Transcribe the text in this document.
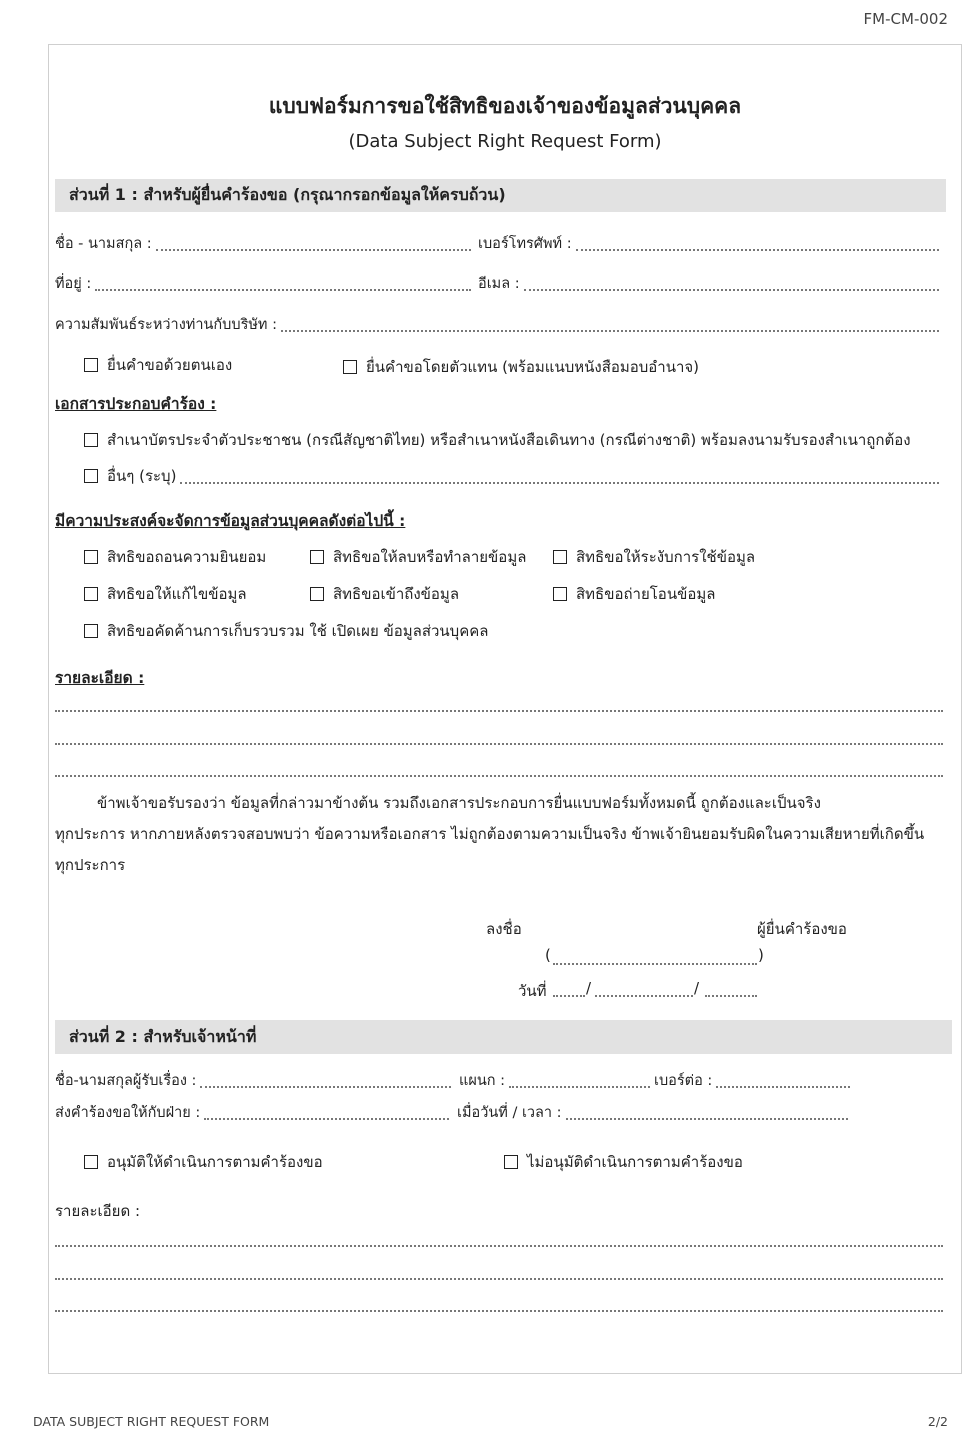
FM-CM-002
แบบฟอร์มการขอใช้สิทธิของเจ้าของข้อมูลส่วนบุคคล
(Data Subject Right Request Form)
ส่วนที่ 1 : สำหรับผู้ยื่นคำร้องขอ (กรุณากรอกข้อมูลให้ครบถ้วน)
ชื่อ - นามสกุล :	เบอร์โทรศัพท์ :
ที่อยู่ :	อีเมล :
ความสัมพันธ์ระหว่างท่านกับบริษัท :
ยื่นคำขอด้วยตนเอง	ยื่นคำขอโดยตัวแทน (พร้อมแนบหนังสือมอบอำนาจ)
เอกสารประกอบคำร้อง :
สำเนาบัตรประจำตัวประชาชน (กรณีสัญชาติไทย) หรือสำเนาหนังสือเดินทาง (กรณีต่างชาติ) พร้อมลงนามรับรองสำเนาถูกต้อง
อื่นๆ (ระบุ)
มีความประสงค์จะจัดการข้อมูลส่วนบุคคลดังต่อไปนี้ :
สิทธิขอถอนความยินยอม	สิทธิขอให้ลบหรือทำลายข้อมูล	สิทธิขอให้ระงับการใช้ข้อมูล
สิทธิขอให้แก้ไขข้อมูล	สิทธิขอเข้าถึงข้อมูล	สิทธิขอถ่ายโอนข้อมูล
สิทธิขอคัดค้านการเก็บรวบรวม ใช้ เปิดเผย ข้อมูลส่วนบุคคล
รายละเอียด :
ข้าพเจ้าขอรับรองว่า ข้อมูลที่กล่าวมาข้างต้น รวมถึงเอกสารประกอบการยื่นแบบฟอร์มทั้งหมดนี้ ถูกต้องและเป็นจริง
ทุกประการ หากภายหลังตรวจสอบพบว่า ข้อความหรือเอกสาร ไม่ถูกต้องตามความเป็นจริง ข้าพเจ้ายินยอมรับผิดในความเสียหายที่เกิดขึ้น
ทุกประการ
ลงชื่อ	ผู้ยื่นคำร้องขอ
(	)
วันที่	/	/
ส่วนที่ 2 : สำหรับเจ้าหน้าที่
ชื่อ-นามสกุลผู้รับเรื่อง :	แผนก :	เบอร์ต่อ :
ส่งคำร้องขอให้กับฝ่าย :	เมื่อวันที่ / เวลา :
อนุมัติให้ดำเนินการตามคำร้องขอ	ไม่อนุมัติดำเนินการตามคำร้องขอ
รายละเอียด :
DATA SUBJECT RIGHT REQUEST FORM	2/2
